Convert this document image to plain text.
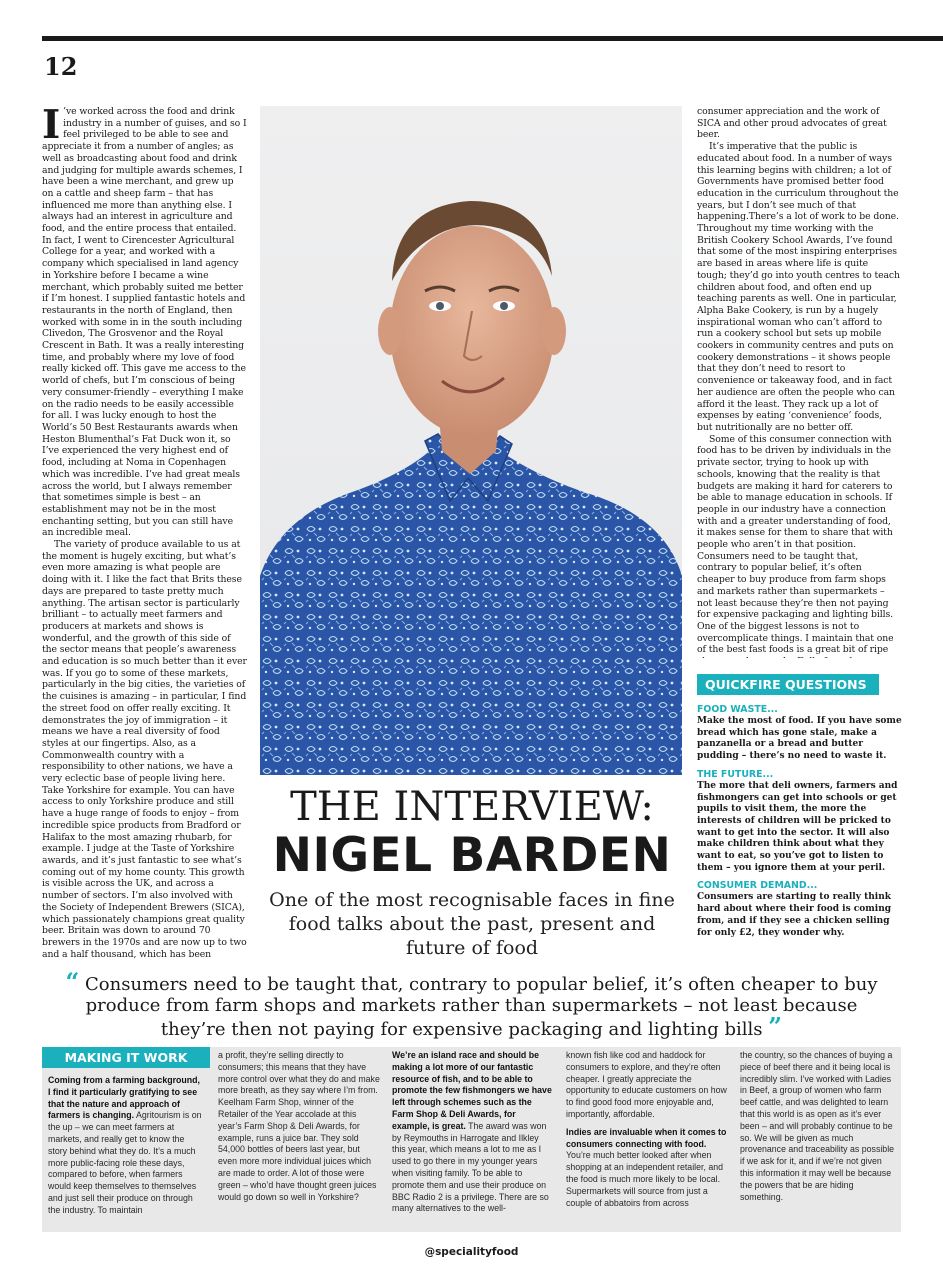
12

I ’ve worked across the food and drink industry in a number of guises, and so I feel privileged to be able to see and appreciate it from a number of angles; as well as broadcasting about food and drink and judging for multiple awards schemes, I have been a wine merchant, and grew up on a cattle and sheep farm – that has influenced me more than anything else. I always had an interest in agriculture and food, and the entire process that entailed. In fact, I went to Cirencester Agricultural College for a year, and worked with a company which specialised in land agency in Yorkshire before I became a wine merchant, which probably suited me better if I’m honest. I supplied fantastic hotels and restaurants in the north of England, then worked with some in in the south including Clivedon, The Grosvenor and the Royal Crescent in Bath. It was a really interesting time, and probably where my love of food really kicked off. This gave me access to the world of chefs, but I’m conscious of being very consumer-friendly – everything I make on the radio needs to be easily accessible for all. I was lucky enough to host the World’s 50 Best Restaurants awards when Heston Blumenthal’s Fat Duck won it, so I’ve experienced the very highest end of food, including at Noma in Copenhagen which was incredible. I’ve had great meals across the world, but I always remember that sometimes simple is best – an establishment may not be in the most enchanting setting, but you can still have an incredible meal.

The variety of produce available to us at the moment is hugely exciting, but what’s even more amazing is what people are doing with it. I like the fact that Brits these days are prepared to taste pretty much anything. The artisan sector is particularly brilliant – to actually meet farmers and producers at markets and shows is wonderful, and the growth of this side of the sector means that people’s awareness and education is so much better than it ever was. If you go to some of these markets, particularly in the big cities, the varieties of the cuisines is amazing – in particular, I find the street food on offer really exciting. It demonstrates the joy of immigration – it means we have a real diversity of food styles at our fingertips. Also, as a Commonwealth country with a responsibility to other nations, we have a very eclectic base of people living here. Take Yorkshire for example. You can have access to only Yorkshire produce and still have a huge range of foods to enjoy – from incredible spice products from Bradford or Halifax to the most amazing rhubarb, for example. I judge at the Taste of Yorkshire awards, and it’s just fantastic to see what’s coming out of my home county. This growth is visible across the UK, and across a number of sectors. I’m also involved with the Society of Independent Brewers (SICA), which passionately champions great quality beer. Britain was down to around 70 brewers in the 1970s and are now up to two and a half thousand, which has been

consumer appreciation and the work of SICA and other proud advocates of great beer.

It’s imperative that the public is educated about food. In a number of ways this learning begins with children; a lot of Governments have promised better food education in the curriculum throughout the years, but I don’t see much of that happening.There’s a lot of work to be done. Throughout my time working with the British Cookery School Awards, I’ve found that some of the most inspiring enterprises are based in areas where life is quite tough; they’d go into youth centres to teach children about food, and often end up teaching parents as well. One in particular, Alpha Bake Cookery, is run by a hugely inspirational woman who can’t afford to run a cookery school but sets up mobile cookers in community centres and puts on cookery demonstrations – it shows people that they don’t need to resort to convenience or takeaway food, and in fact her audience are often the people who can afford it the least. They rack up a lot of expenses by eating ‘convenience’ foods, but nutritionally are no better off.

Some of this consumer connection with food has to be driven by individuals in the private sector, trying to hook up with schools, knowing that the reality is that budgets are making it hard for caterers to be able to manage education in schools. If people in our industry have a connection with and a greater understanding of food, it makes sense for them to share that with people who aren’t in that position. Consumers need to be taught that, contrary to popular belief, it’s often cheaper to buy produce from farm shops and markets rather than supermarkets – not least because they’re then not paying for expensive packaging and lighting bills. One of the biggest lessons is not to overcomplicate things. I maintain that one of the best fast foods is a great bit of ripe

THE INTERVIEW:
NIGEL BARDEN
One of the most recognisable faces in fine food talks about the past, present and future of food
QUICKFIRE QUESTIONS
FOOD WASTE...
Make the most of food. If you have some bread which has gone stale, make a panzanella or a bread and butter pudding – there’s no need to waste it.
THE FUTURE...
The more that deli owners, farmers and fishmongers can get into schools or get pupils to visit them, the more the interests of children will be pricked to want to get into the sector. It will also make children think about what they want to eat, so you’ve got to listen to them – you ignore them at your peril.
CONSUMER DEMAND...
Consumers are starting to really think hard about where their food is coming from, and if they see a chicken selling for only £2, they wonder why.
“ Consumers need to be taught that, contrary to popular belief, it’s often cheaper to buy produce from farm shops and markets rather than supermarkets – not least because they’re then not paying for expensive packaging and lighting bills ”
MAKING IT WORK

Coming from a farming background, I find it particularly gratifying to see that the nature and approach of farmers is changing. Agritourism is on the up – we can meet farmers at markets, and really get to know the story behind what they do. It’s a much more public-facing role these days, compared to before, when farmers would keep themselves to themselves and just sell their produce on through the industry. To maintain

a profit, they’re selling directly to consumers; this means that they have more control over what they do and make more breath, as they say where I’m from. Keelham Farm Shop, winner of the Retailer of the Year accolade at this year’s Farm Shop & Deli Awards, for example, runs a juice bar. They sold 54,000 bottles of beers last year, but even more more individual juices which are made to order. A lot of those were green – who’d have thought green juices would go down so well in Yorkshire?

We’re an island race and should be making a lot more of our fantastic resource of fish, and to be able to promote the few fishmongers we have left through schemes such as the Farm Shop & Deli Awards, for example, is great. The award was won by Reymouths in Harrogate and Ilkley this year, which means a lot to me as I used to go there in my younger years when visiting family. To be able to promote them and use their produce on BBC Radio 2 is a privilege. There are so many alternatives to the well-

known fish like cod and haddock for consumers to explore, and they’re often cheaper. I greatly appreciate the opportunity to educate customers on how to find good food more enjoyable and, importantly, affordable.

Indies are invaluable when it comes to consumers connecting with food. You’re much better looked after when shopping at an independent retailer, and the food is much more likely to be local. Supermarkets will source from just a couple of abbatoirs from across

the country, so the chances of buying a piece of beef there and it being local is incredibly slim. I’ve worked with Ladies in Beef, a group of women who farm beef cattle, and was delighted to learn that this world is as open as it’s ever been – and will probably continue to be so. We will be given as much provenance and traceability as possible if we ask for it, and if we’re not given this information it may well be because the powers that be are hiding something.

@specialityfood
